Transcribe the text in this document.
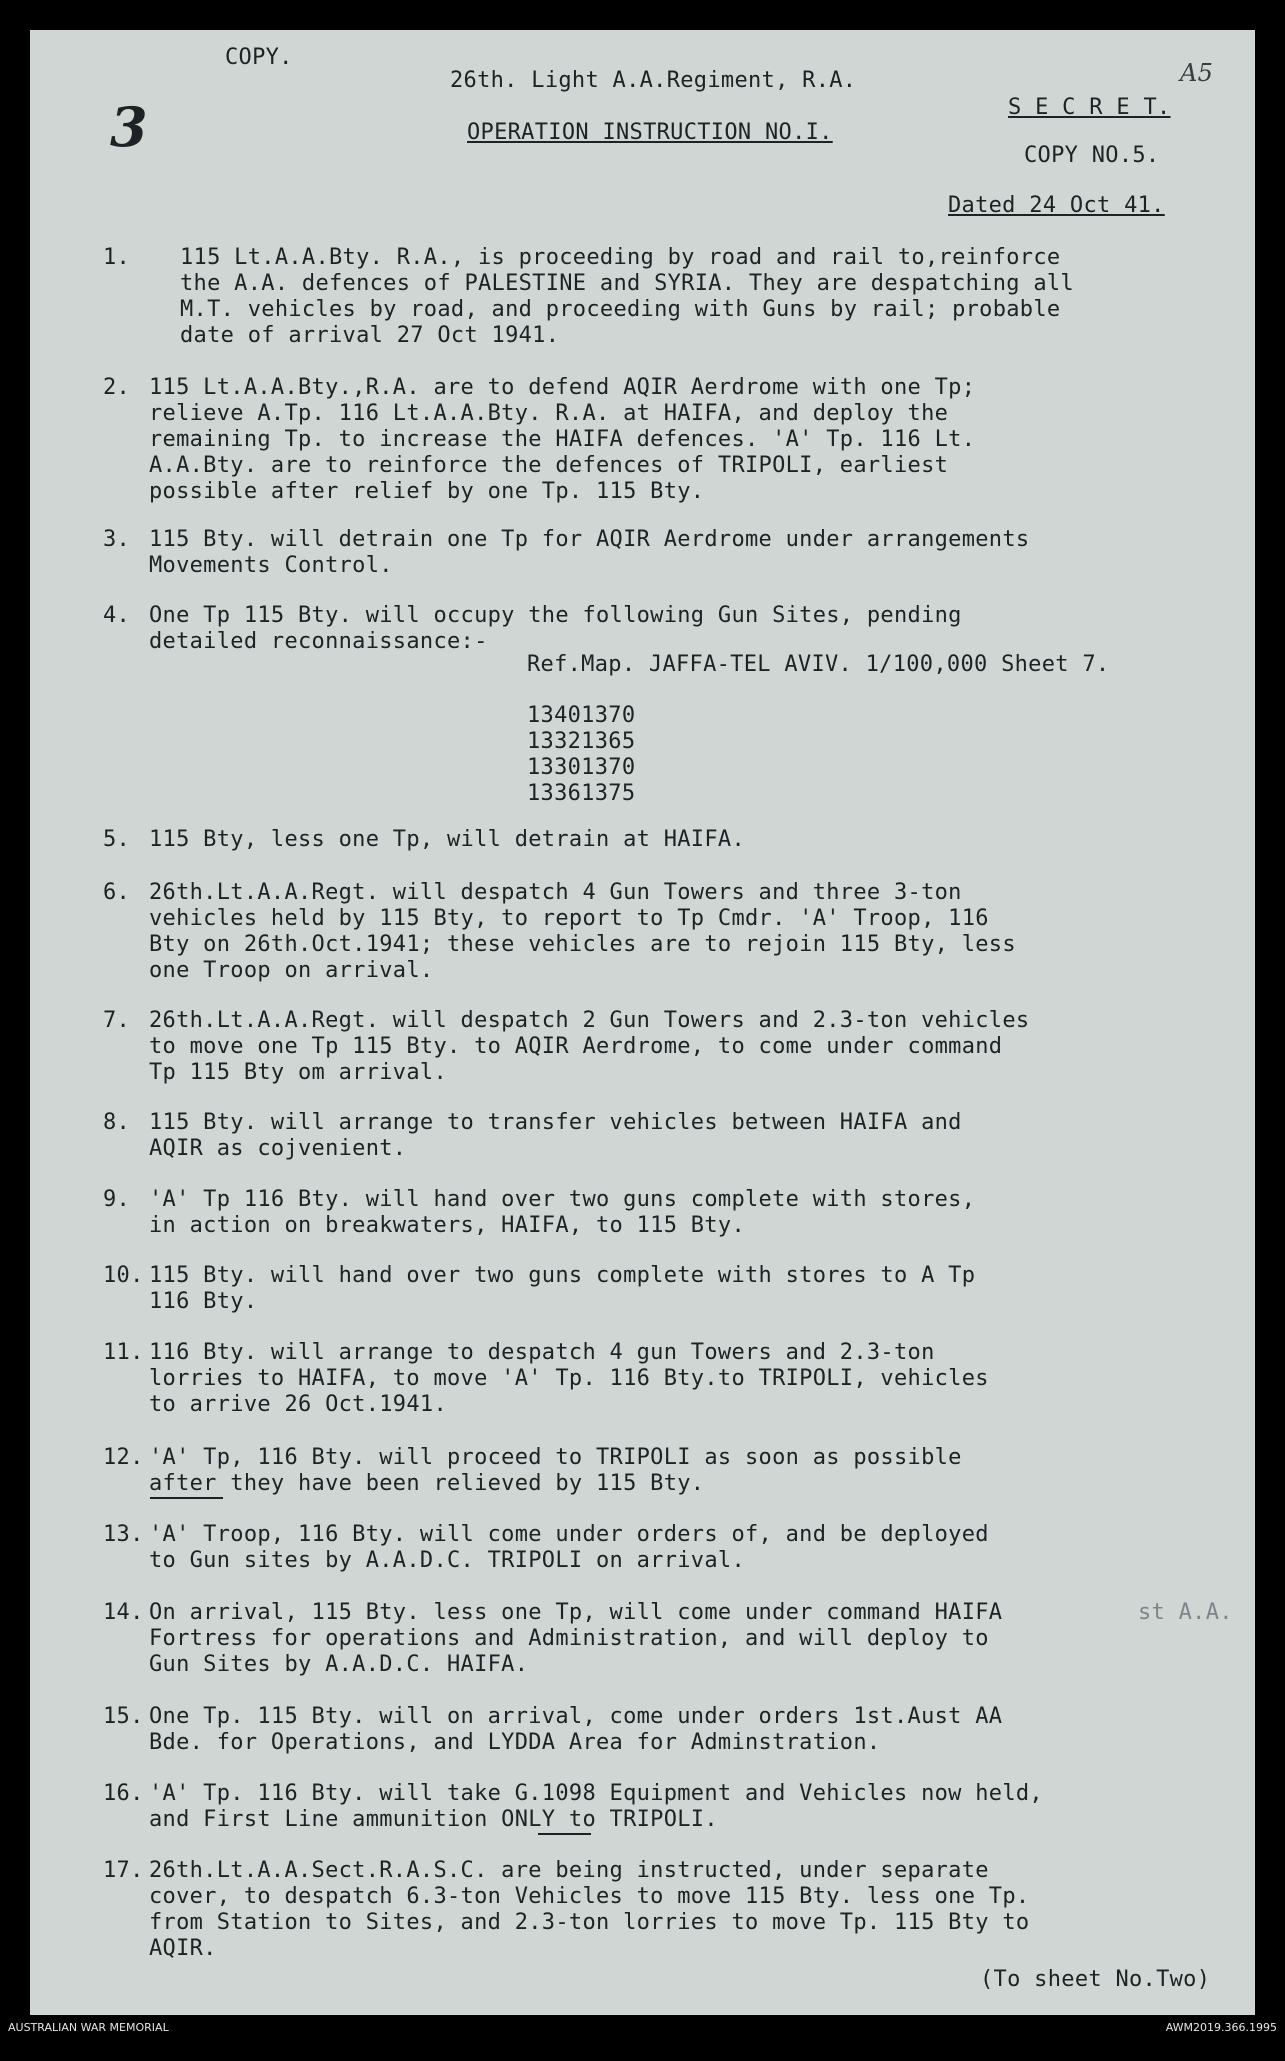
COPY.
3
26th. Light A.A.Regiment, R.A.	A5
S E C R E T.
OPERATION INSTRUCTION NO.I.
COPY NO.5.
Dated 24 Oct 41.
1. 115 Lt.A.A.Bty. R.A., is proceeding by road and rail to,reinforce
the A.A. defences of PALESTINE and SYRIA. They are despatching all
M.T. vehicles by road, and proceeding with Guns by rail; probable
date of arrival 27 Oct 1941.
2. 115 Lt.A.A.Bty.,R.A. are to defend AQIR Aerdrome with one Tp;
relieve A.Tp. 116 Lt.A.A.Bty. R.A. at HAIFA, and deploy the
remaining Tp. to increase the HAIFA defences. 'A' Tp. 116 Lt.
A.A.Bty. are to reinforce the defences of TRIPOLI, earliest
possible after relief by one Tp. 115 Bty.
3. 115 Bty. will detrain one Tp for AQIR Aerdrome under arrangements
Movements Control.
4. One Tp 115 Bty. will occupy the following Gun Sites, pending
detailed reconnaissance:-
Ref.Map. JAFFA-TEL AVIV. 1/100,000 Sheet 7.
13401370
13321365
13301370
13361375
5. 115 Bty, less one Tp, will detrain at HAIFA.
6. 26th.Lt.A.A.Regt. will despatch 4 Gun Towers and three 3-ton
vehicles held by 115 Bty, to report to Tp Cmdr. 'A' Troop, 116
Bty on 26th.Oct.1941; these vehicles are to rejoin 115 Bty, less
one Troop on arrival.
7. 26th.Lt.A.A.Regt. will despatch 2 Gun Towers and 2.3-ton vehicles
to move one Tp 115 Bty. to AQIR Aerdrome, to come under command
Tp 115 Bty om arrival.
8. 115 Bty. will arrange to transfer vehicles between HAIFA and
AQIR as cojvenient.
9. 'A' Tp 116 Bty. will hand over two guns complete with stores,
in action on breakwaters, HAIFA, to 115 Bty.
10. 115 Bty. will hand over two guns complete with stores to A Tp
116 Bty.
11. 116 Bty. will arrange to despatch 4 gun Towers and 2.3-ton
lorries to HAIFA, to move 'A' Tp. 116 Bty.to TRIPOLI, vehicles
to arrive 26 Oct.1941.
12. 'A' Tp, 116 Bty. will proceed to TRIPOLI as soon as possible
after they have been relieved by 115 Bty.
13. 'A' Troop, 116 Bty. will come under orders of, and be deployed
to Gun sites by A.A.D.C. TRIPOLI on arrival.
14. On arrival, 115 Bty. less one Tp, will come under command HAIFA
Fortress for operations and Administration, and will deploy to
Gun Sites by A.A.D.C. HAIFA.
st A.A.
15. One Tp. 115 Bty. will on arrival, come under orders 1st.Aust AA
Bde. for Operations, and LYDDA Area for Adminstration.
16. 'A' Tp. 116 Bty. will take G.1098 Equipment and Vehicles now held,
and First Line ammunition ONLY to TRIPOLI.
17. 26th.Lt.A.A.Sect.R.A.S.C. are being instructed, under separate
cover, to despatch 6.3-ton Vehicles to move 115 Bty. less one Tp.
from Station to Sites, and 2.3-ton lorries to move Tp. 115 Bty to
AQIR.
(To sheet No.Two)
AUSTRALIAN WAR MEMORIAL	AWM2019.366.1995
